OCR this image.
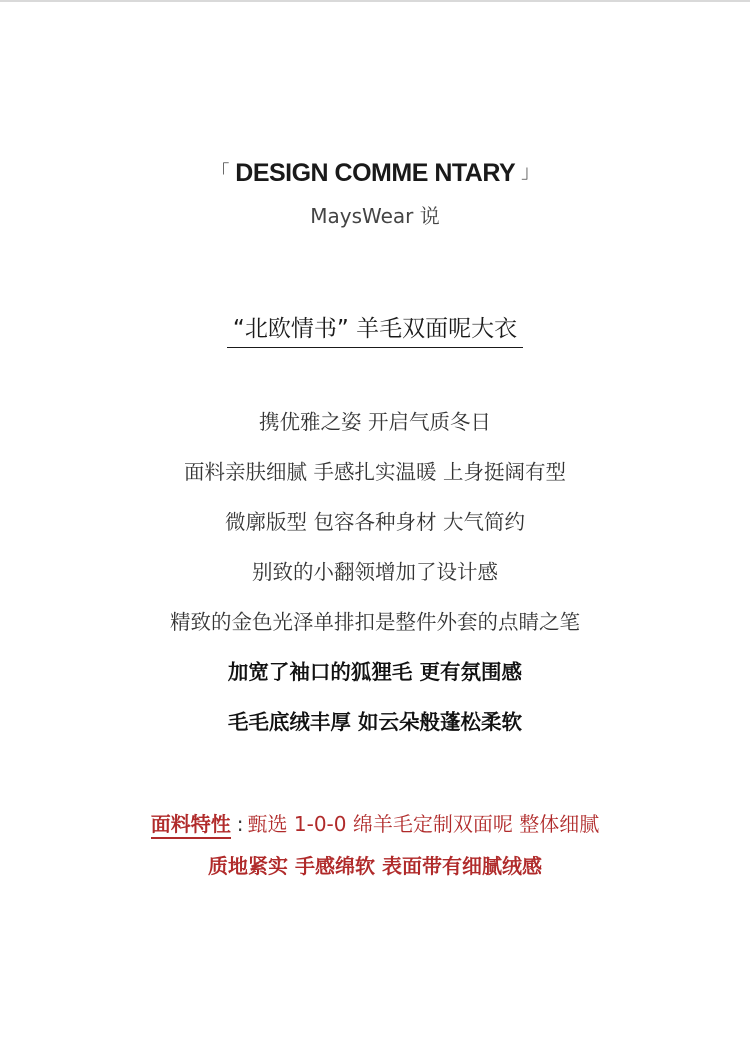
「 DESIGN COMME NTARY 」
MaysWear 说
“北欧情书” 羊毛双面呢大衣
携优雅之姿 开启气质冬日
面料亲肤细腻 手感扎实温暖 上身挺阔有型
微廓版型 包容各种身材 大气简约
别致的小翻领增加了设计感
精致的金色光泽单排扣是整件外套的点睛之笔
加宽了袖口的狐狸毛 更有氛围感
毛毛底绒丰厚 如云朵般蓬松柔软
面料特性 : 甄选 1-0-0 绵羊毛定制双面呢 整体细腻
质地紧实 手感绵软 表面带有细腻绒感
